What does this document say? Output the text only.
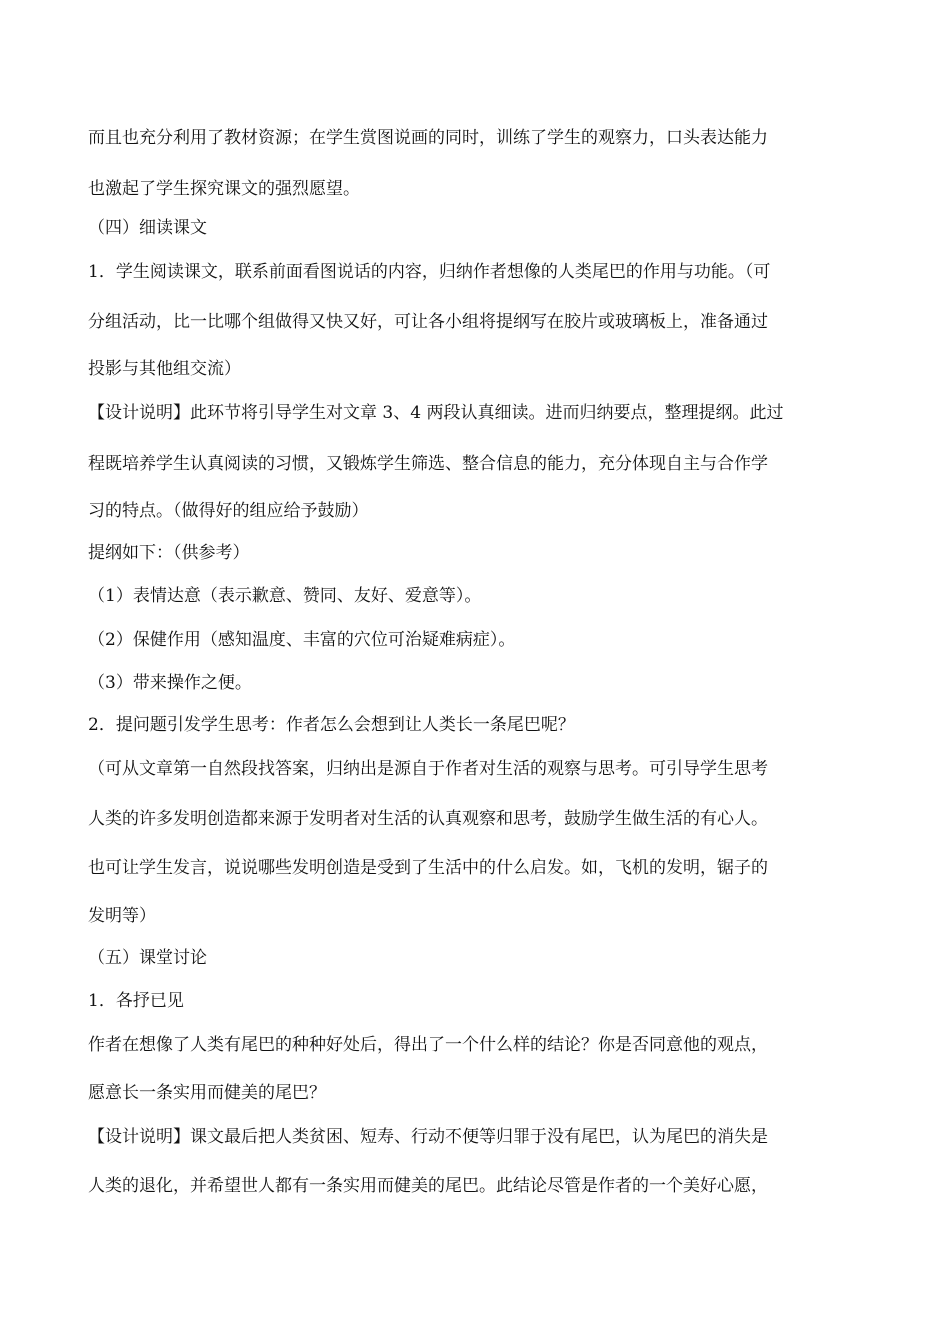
而且也充分利用了教材资源；在学生赏图说画的同时，训练了学生的观察力，口头表达能力
也激起了学生探究课文的强烈愿望。
（四）细读课文
1．学生阅读课文，联系前面看图说话的内容，归纳作者想像的人类尾巴的作用与功能。（可
分组活动，比一比哪个组做得又快又好，可让各小组将提纲写在胶片或玻璃板上，准备通过
投影与其他组交流）
【设计说明】此环节将引导学生对文章 3、4 两段认真细读。进而归纳要点，整理提纲。此过
程既培养学生认真阅读的习惯，又锻炼学生筛选、整合信息的能力，充分体现自主与合作学
习的特点。（做得好的组应给予鼓励）
提纲如下：（供参考）
（1）表情达意（表示歉意、赞同、友好、爱意等）。
（2）保健作用（感知温度、丰富的穴位可治疑难病症）。
（3）带来操作之便。
2．提问题引发学生思考：作者怎么会想到让人类长一条尾巴呢？
（可从文章第一自然段找答案，归纳出是源自于作者对生活的观察与思考。可引导学生思考
人类的许多发明创造都来源于发明者对生活的认真观察和思考，鼓励学生做生活的有心人。
也可让学生发言，说说哪些发明创造是受到了生活中的什么启发。如，飞机的发明，锯子的
发明等）
（五）课堂讨论
1．各抒已见
作者在想像了人类有尾巴的种种好处后，得出了一个什么样的结论？你是否同意他的观点，
愿意长一条实用而健美的尾巴？
【设计说明】课文最后把人类贫困、短寿、行动不便等归罪于没有尾巴，认为尾巴的消失是
人类的退化，并希望世人都有一条实用而健美的尾巴。此结论尽管是作者的一个美好心愿，
